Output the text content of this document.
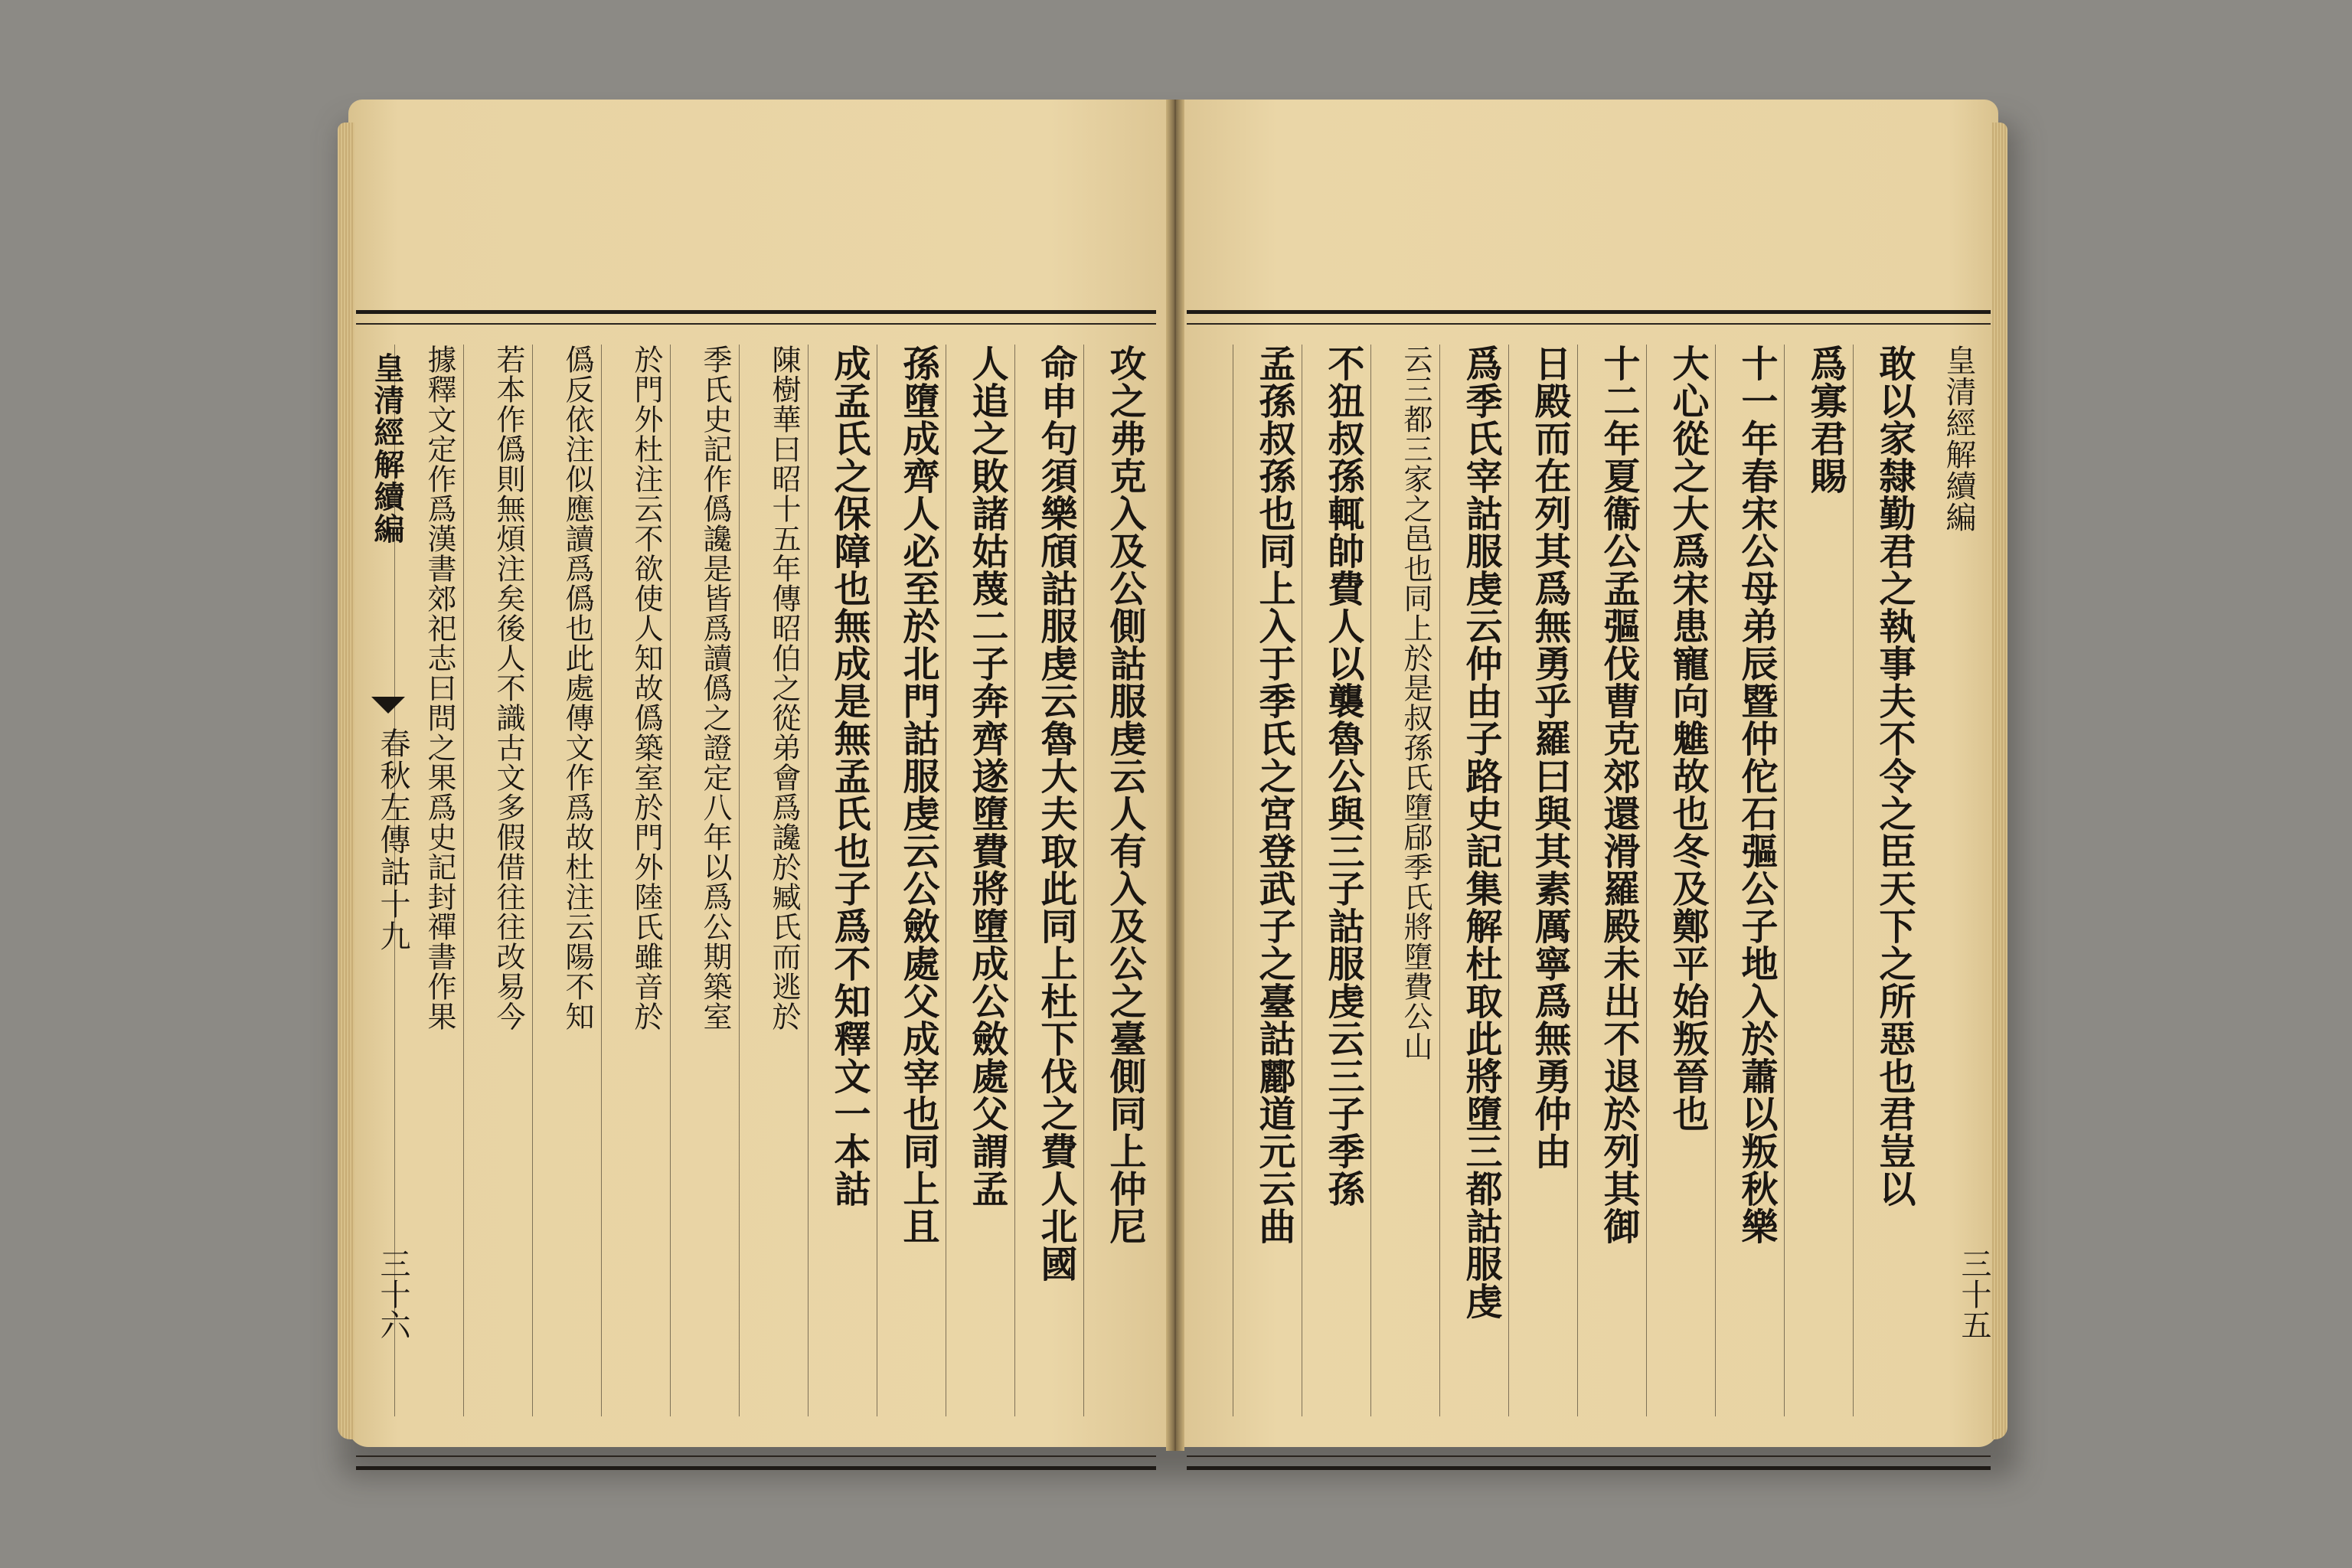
攻之弗克入及公側詁服虔云人有入及公之臺側同上仲尼
命申句須樂頎詁服虔云魯大夫取此同上杜下伐之費人北國
人追之敗諸姑蔑二子奔齊遂墮費將墮成公斂處父謂孟
孫墮成齊人必至於北門詁服虔云公斂處父成宰也同上且
成孟氏之保障也無成是無孟氏也子爲不知釋文一本詁
陳樹華曰昭十五年傳昭伯之從弟會爲讒於臧氏而逃於
季氏史記作僞讒是皆爲讀僞之證定八年以爲公期築室
於門外杜注云不欲使人知故僞築室於門外陸氏雖音於
僞反依注似應讀爲僞也此處傳文作爲故杜注云陽不知
若本作僞則無煩注矣後人不識古文多假借往往改易今
據釋文定作爲漢書郊祀志曰問之果爲史記封禪書作果
皇清經解續編
春秋左傳詁十九
三十六
皇清經解續編
敢以家隸勤君之執事夫不令之臣天下之所惡也君豈以
爲寡君賜
十一年春宋公母弟辰暨仲佗石彄公子地入於蕭以叛秋樂
大心從之大爲宋患寵向魋故也冬及鄭平始叛晉也
十二年夏衞公孟彄伐曹克郊還滑羅殿未出不退於列其御
日殿而在列其爲無勇乎羅曰與其素厲寧爲無勇仲由
爲季氏宰詁服虔云仲由子路史記集解杜取此將墮三都詁服虔
云三都三家之邑也同上於是叔孫氏墮郈季氏將墮費公山
不狃叔孫輒帥費人以襲魯公與三子詁服虔云三子季孫
孟孫叔孫也同上入于季氏之宮登武子之臺詁酈道元云曲
三十五
